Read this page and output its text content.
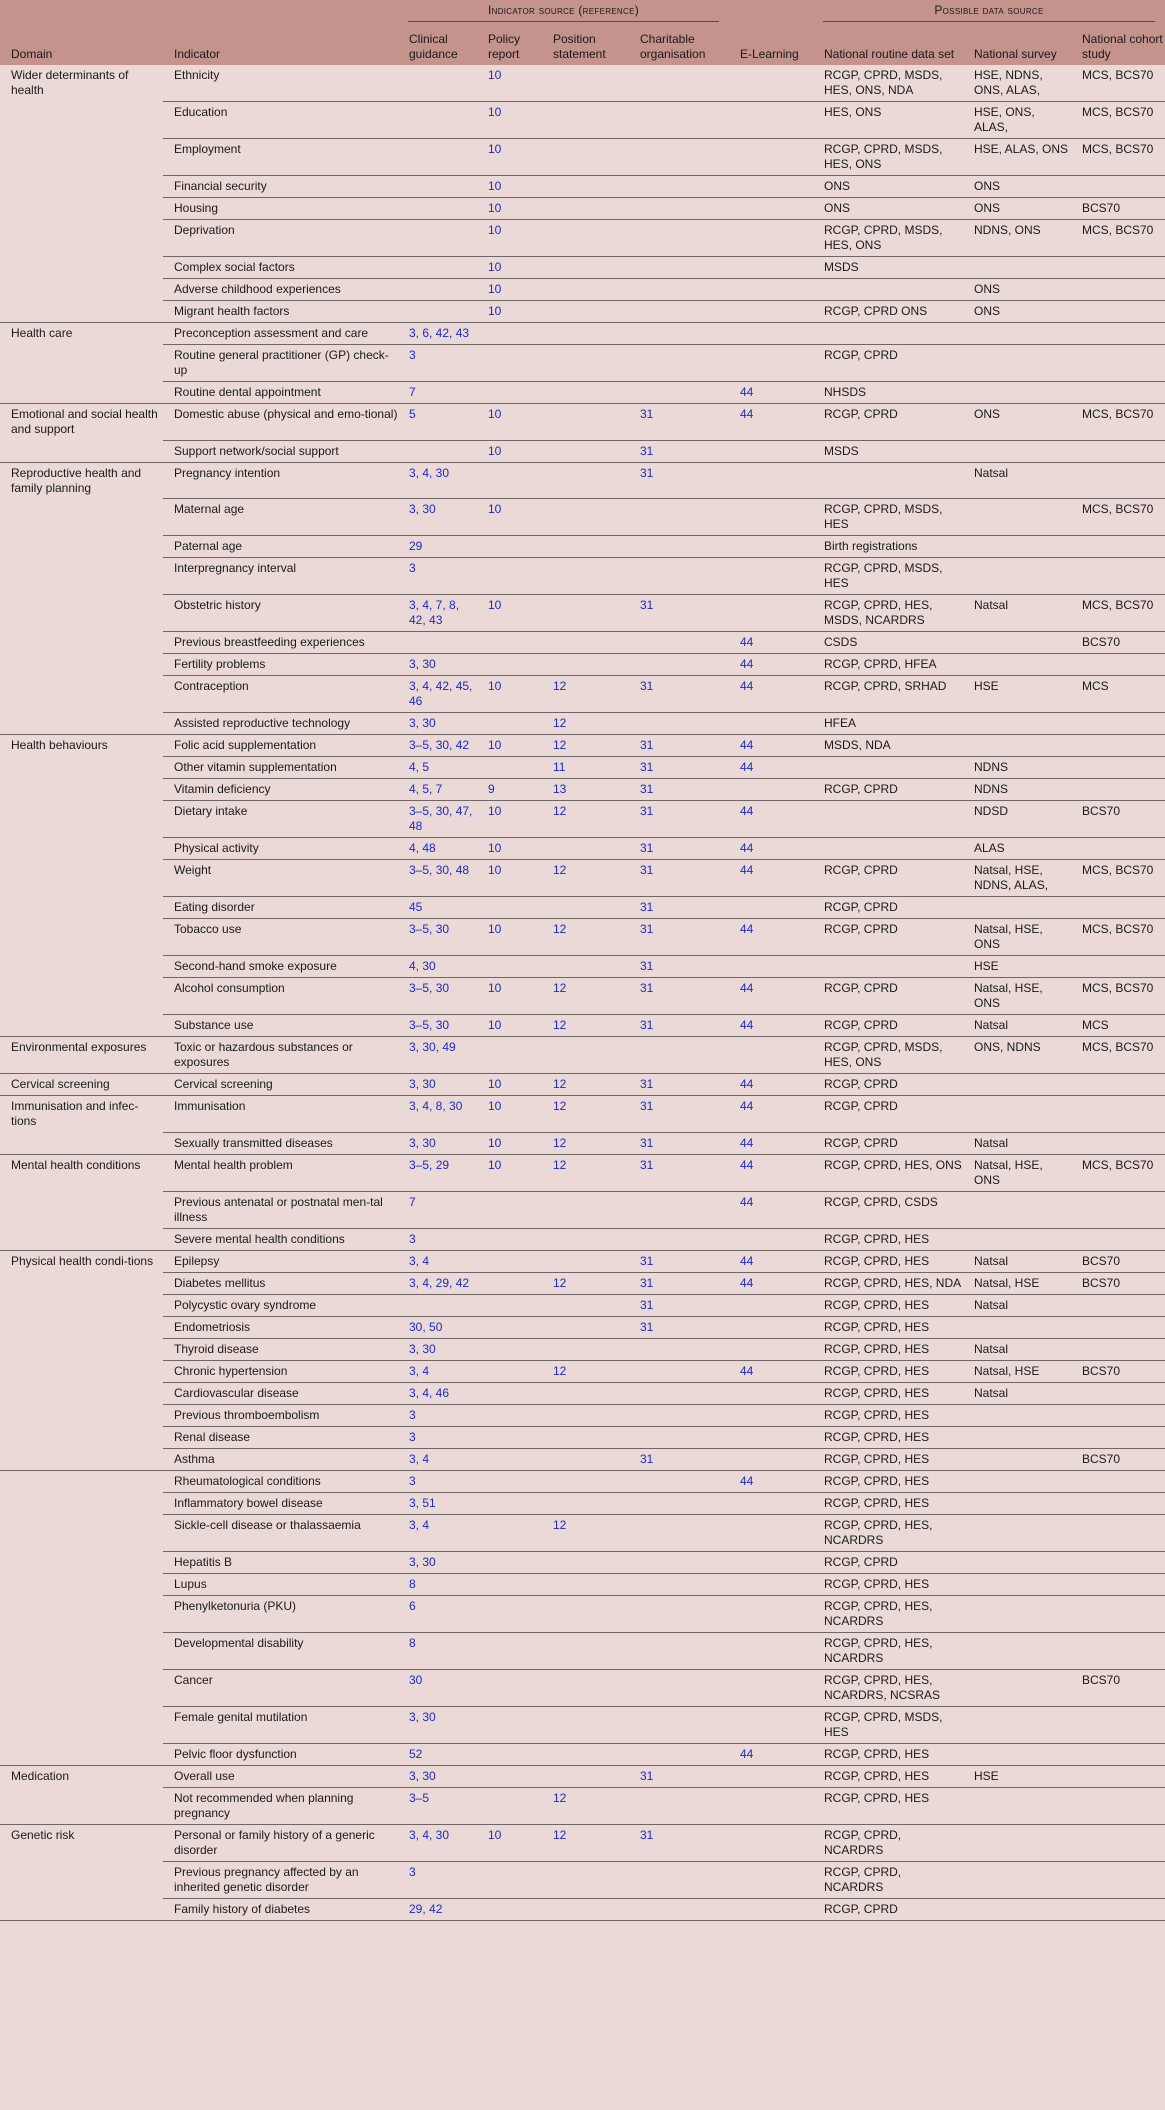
		Indicator source (reference)					Possible data source		

Domain	Indicator	Clinical guidance	Policy report	Position statement	Charitable organisation	E-Learning	National routine data set	National survey	National cohort study
Wider determinants of health	Ethnicity		10				RCGP, CPRD, MSDS, HES, ONS, NDA	HSE, NDNS, ONS, ALAS,	MCS, BCS70
	Education		10				HES, ONS	HSE, ONS, ALAS,	MCS, BCS70
	Employment		10				RCGP, CPRD, MSDS, HES, ONS	HSE, ALAS, ONS	MCS, BCS70
	Financial security		10				ONS	ONS	
	Housing		10				ONS	ONS	BCS70
	Deprivation		10				RCGP, CPRD, MSDS, HES, ONS	NDNS, ONS	MCS, BCS70
	Complex social factors		10				MSDS		
	Adverse childhood experiences		10					ONS	
	Migrant health factors		10				RCGP, CPRD ONS	ONS	
Health care	Preconception assessment and care	3, 6, 42, 43							
	Routine general practitioner (GP) check-up	3					RCGP, CPRD		
	Routine dental appointment	7				44	NHSDS		
Emotional and social health and support	Domestic abuse (physical and emo-tional)	5	10		31	44	RCGP, CPRD	ONS	MCS, BCS70
	Support network/social support		10		31		MSDS		
Reproductive health and family planning	Pregnancy intention	3, 4, 30			31			Natsal	
	Maternal age	3, 30	10				RCGP, CPRD, MSDS, HES		MCS, BCS70
	Paternal age	29					Birth registrations		
	Interpregnancy interval	3					RCGP, CPRD, MSDS, HES		
	Obstetric history	3, 4, 7, 8, 42, 43	10		31		RCGP, CPRD, HES, MSDS, NCARDRS	Natsal	MCS, BCS70
	Previous breastfeeding experiences					44	CSDS		BCS70
	Fertility problems	3, 30				44	RCGP, CPRD, HFEA		
	Contraception	3, 4, 42, 45, 46	10	12	31	44	RCGP, CPRD, SRHAD	HSE	MCS
	Assisted reproductive technology	3, 30		12			HFEA		
Health behaviours	Folic acid supplementation	3–5, 30, 42	10	12	31	44	MSDS, NDA		
	Other vitamin supplementation	4, 5		11	31	44		NDNS	
	Vitamin deficiency	4, 5, 7	9	13	31		RCGP, CPRD	NDNS	
	Dietary intake	3–5, 30, 47, 48	10	12	31	44		NDSD	BCS70
	Physical activity	4, 48	10		31	44		ALAS	
	Weight	3–5, 30, 48	10	12	31	44	RCGP, CPRD	Natsal, HSE, NDNS, ALAS,	MCS, BCS70
	Eating disorder	45			31		RCGP, CPRD		
	Tobacco use	3–5, 30	10	12	31	44	RCGP, CPRD	Natsal, HSE, ONS	MCS, BCS70
	Second-hand smoke exposure	4, 30			31			HSE	
	Alcohol consumption	3–5, 30	10	12	31	44	RCGP, CPRD	Natsal, HSE, ONS	MCS, BCS70
	Substance use	3–5, 30	10	12	31	44	RCGP, CPRD	Natsal	MCS
Environmental exposures	Toxic or hazardous substances or exposures	3, 30, 49					RCGP, CPRD, MSDS, HES, ONS	ONS, NDNS	MCS, BCS70
Cervical screening	Cervical screening	3, 30	10	12	31	44	RCGP, CPRD		
Immunisation and infec-tions	Immunisation	3, 4, 8, 30	10	12	31	44	RCGP, CPRD		
	Sexually transmitted diseases	3, 30	10	12	31	44	RCGP, CPRD	Natsal	
Mental health conditions	Mental health problem	3–5, 29	10	12	31	44	RCGP, CPRD, HES, ONS	Natsal, HSE, ONS	MCS, BCS70
	Previous antenatal or postnatal men-tal illness	7				44	RCGP, CPRD, CSDS		
	Severe mental health conditions	3					RCGP, CPRD, HES		
Physical health condi-tions	Epilepsy	3, 4			31	44	RCGP, CPRD, HES	Natsal	BCS70
	Diabetes mellitus	3, 4, 29, 42		12	31	44	RCGP, CPRD, HES, NDA	Natsal, HSE	BCS70
	Polycystic ovary syndrome				31		RCGP, CPRD, HES	Natsal	
	Endometriosis	30, 50			31		RCGP, CPRD, HES		
	Thyroid disease	3, 30					RCGP, CPRD, HES	Natsal	
	Chronic hypertension	3, 4		12		44	RCGP, CPRD, HES	Natsal, HSE	BCS70
	Cardiovascular disease	3, 4, 46					RCGP, CPRD, HES	Natsal	
	Previous thromboembolism	3					RCGP, CPRD, HES		
	Renal disease	3					RCGP, CPRD, HES		
	Asthma	3, 4			31		RCGP, CPRD, HES		BCS70
	Rheumatological conditions	3				44	RCGP, CPRD, HES		
	Inflammatory bowel disease	3, 51					RCGP, CPRD, HES		
	Sickle-cell disease or thalassaemia	3, 4		12			RCGP, CPRD, HES, NCARDRS		
	Hepatitis B	3, 30					RCGP, CPRD		
	Lupus	8					RCGP, CPRD, HES		
	Phenylketonuria (PKU)	6					RCGP, CPRD, HES, NCARDRS		
	Developmental disability	8					RCGP, CPRD, HES, NCARDRS		
	Cancer	30					RCGP, CPRD, HES, NCARDRS, NCSRAS		BCS70
	Female genital mutilation	3, 30					RCGP, CPRD, MSDS, HES		
	Pelvic floor dysfunction	52				44	RCGP, CPRD, HES		
Medication	Overall use	3, 30			31		RCGP, CPRD, HES	HSE	
	Not recommended when planning pregnancy	3–5		12			RCGP, CPRD, HES		
Genetic risk	Personal or family history of a generic disorder	3, 4, 30	10	12	31		RCGP, CPRD, NCARDRS		
	Previous pregnancy affected by an inherited genetic disorder	3					RCGP, CPRD, NCARDRS		
	Family history of diabetes	29, 42					RCGP, CPRD		
